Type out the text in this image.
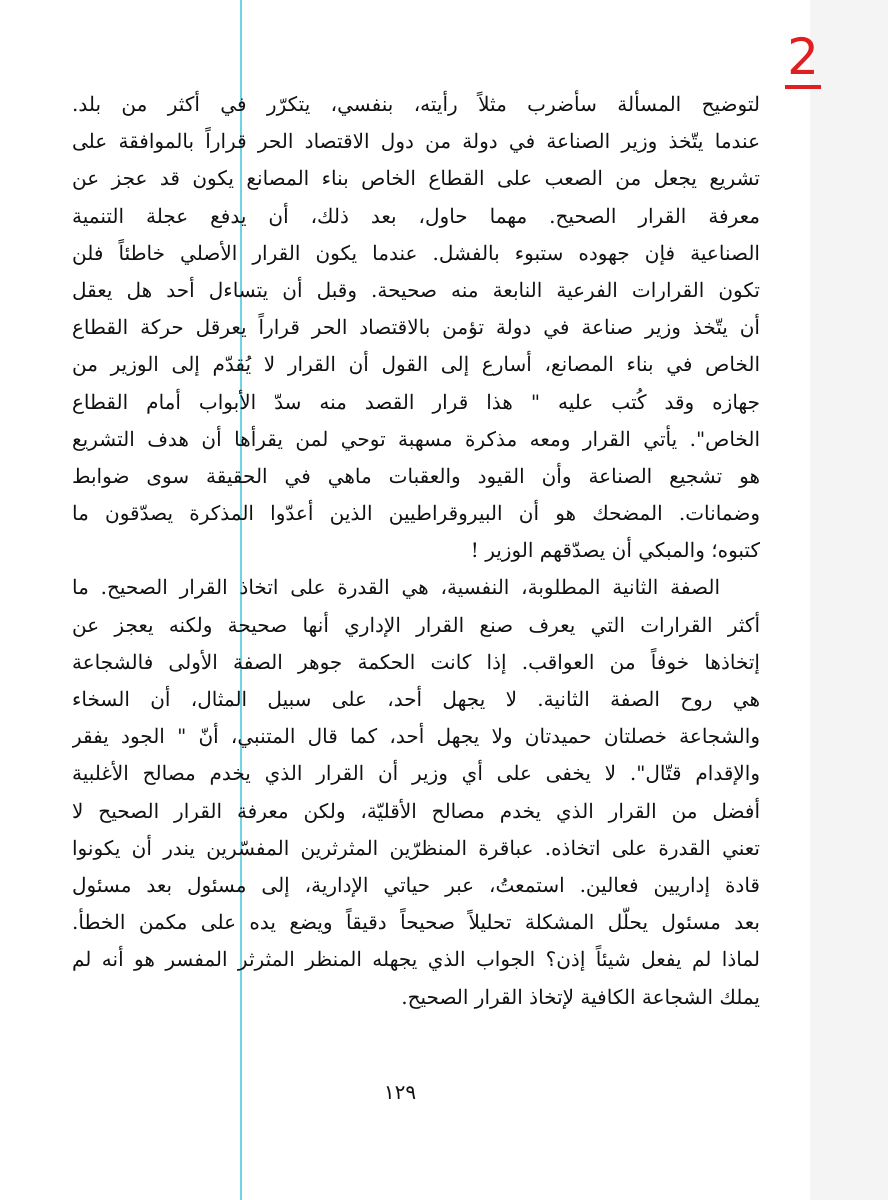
2
لتوضيح المسألة سأضرب مثلاً رأيته، بنفسي، يتكرّر في أكثر من بلد.
عندما يتّخذ وزير الصناعة في دولة من دول الاقتصاد الحر قراراً بالموافقة على
تشريع يجعل من الصعب على القطاع الخاص بناء المصانع يكون قد عجز عن
معرفة القرار الصحيح. مهما حاول، بعد ذلك، أن يدفع عجلة التنمية
الصناعية فإن جهوده ستبوء بالفشل. عندما يكون القرار الأصلي خاطئاً فلن
تكون القرارات الفرعية النابعة منه صحيحة. وقبل أن يتساءل أحد هل يعقل
أن يتّخذ وزير صناعة في دولة تؤمن بالاقتصاد الحر قراراً يعرقل حركة القطاع
الخاص في بناء المصانع، أسارع إلى القول أن القرار لا يُقدّم إلى الوزير من
جهازه وقد كُتب عليه " هذا قرار القصد منه سدّ الأبواب أمام القطاع
الخاص". يأتي القرار ومعه مذكرة مسهبة توحي لمن يقرأها أن هدف التشريع
هو تشجيع الصناعة وأن القيود والعقبات ماهي في الحقيقة سوى ضوابط
وضمانات. المضحك هو أن البيروقراطيين الذين أعدّوا المذكرة يصدّقون ما
كتبوه؛ والمبكي أن يصدّقهم الوزير !
الصفة الثانية المطلوبة، النفسية، هي القدرة على اتخاذ القرار الصحيح. ما
أكثر القرارات التي يعرف صنع القرار الإداري أنها صحيحة ولكنه يعجز عن
إتخاذها خوفاً من العواقب. إذا كانت الحكمة جوهر الصفة الأولى فالشجاعة
هي روح الصفة الثانية. لا يجهل أحد، على سبيل المثال، أن السخاء
والشجاعة خصلتان حميدتان ولا يجهل أحد، كما قال المتنبي، أنّ " الجود يفقر
والإقدام قتّال". لا يخفى على أي وزير أن القرار الذي يخدم مصالح الأغلبية
أفضل من القرار الذي يخدم مصالح الأقليّة، ولكن معرفة القرار الصحيح لا
تعني القدرة على اتخاذه. عباقرة المنظرّين المثرثرين المفسّرين يندر أن يكونوا
قادة إداريين فعالين. استمعتُ، عبر حياتي الإدارية، إلى مسئول بعد مسئول
بعد مسئول يحلّل المشكلة تحليلاً صحيحاً دقيقاً ويضع يده على مكمن الخطأ.
لماذا لم يفعل شيئاً إذن؟ الجواب الذي يجهله المنظر المثرثر المفسر هو أنه لم
يملك الشجاعة الكافية لإتخاذ القرار الصحيح.
١٢٩
